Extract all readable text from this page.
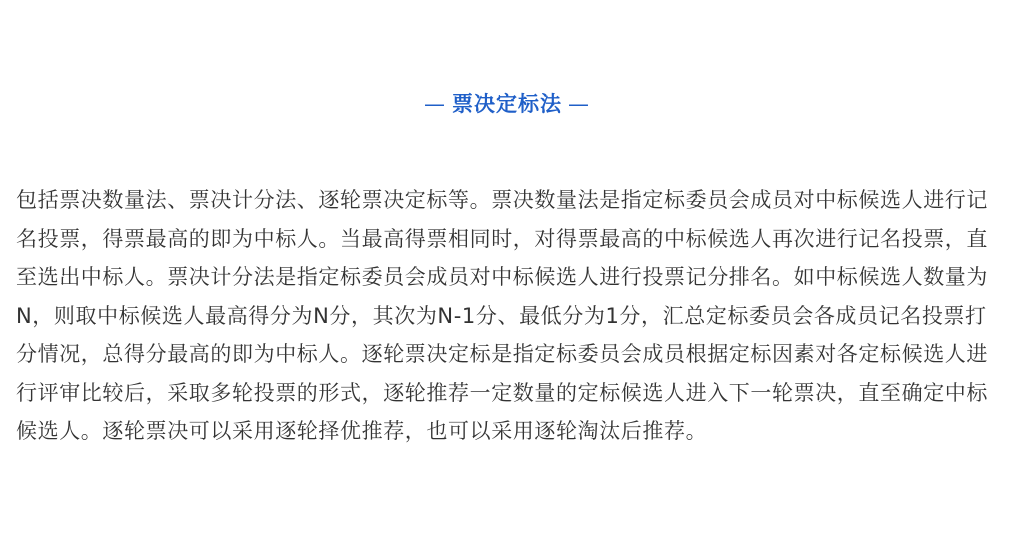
— 票决定标法 —

包括票决数量法、票决计分法、逐轮票决定标等。票决数量法是指定标委员会成员对中标候选人进行记名投票，得票最高的即为中标人。当最高得票相同时，对得票最高的中标候选人再次进行记名投票，直至选出中标人。票决计分法是指定标委员会成员对中标候选人进行投票记分排名。如中标候选人数量为N，则取中标候选人最高得分为N分，其次为N-1分、最低分为1分，汇总定标委员会各成员记名投票打分情况，总得分最高的即为中标人。逐轮票决定标是指定标委员会成员根据定标因素对各定标候选人进行评审比较后，采取多轮投票的形式，逐轮推荐一定数量的定标候选人进入下一轮票决，直至确定中标候选人。逐轮票决可以采用逐轮择优推荐，也可以采用逐轮淘汰后推荐。
